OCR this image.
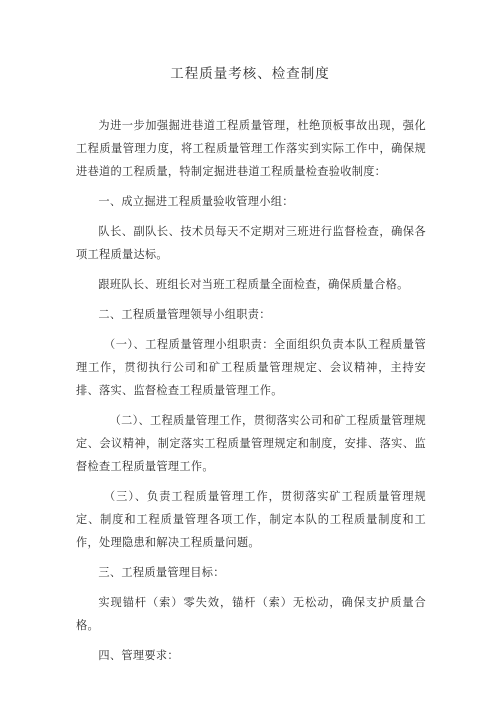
工程质量考核、检查制度

为进一步加强掘进巷道工程质量管理，杜绝顶板事故出现，强化工程质量管理力度，将工程质量管理工作落实到实际工作中，确保规进巷道的工程质量，特制定掘进巷道工程质量检查验收制度：

一、成立掘进工程质量验收管理小组：

队长、副队长、技术员每天不定期对三班进行监督检查，确保各项工程质量达标。

跟班队长、班组长对当班工程质量全面检查，确保质量合格。

二、工程质量管理领导小组职责：

（一）、工程质量管理小组职责：全面组织负责本队工程质量管理工作，贯彻执行公司和矿工程质量管理规定、会议精神，主持安排、落实、监督检查工程质量管理工作。

（二）、工程质量管理工作，贯彻落实公司和矿工程质量管理规定、会议精神，制定落实工程质量管理规定和制度，安排、落实、监督检查工程质量管理工作。

（三）、负责工程质量管理工作，贯彻落实矿工程质量管理规定、制度和工程质量管理各项工作，制定本队的工程质量制度和工作，处理隐患和解决工程质量问题。

三、工程质量管理目标：

实现锚杆（索）零失效，锚杆（索）无松动，确保支护质量合格。

四、管理要求：
